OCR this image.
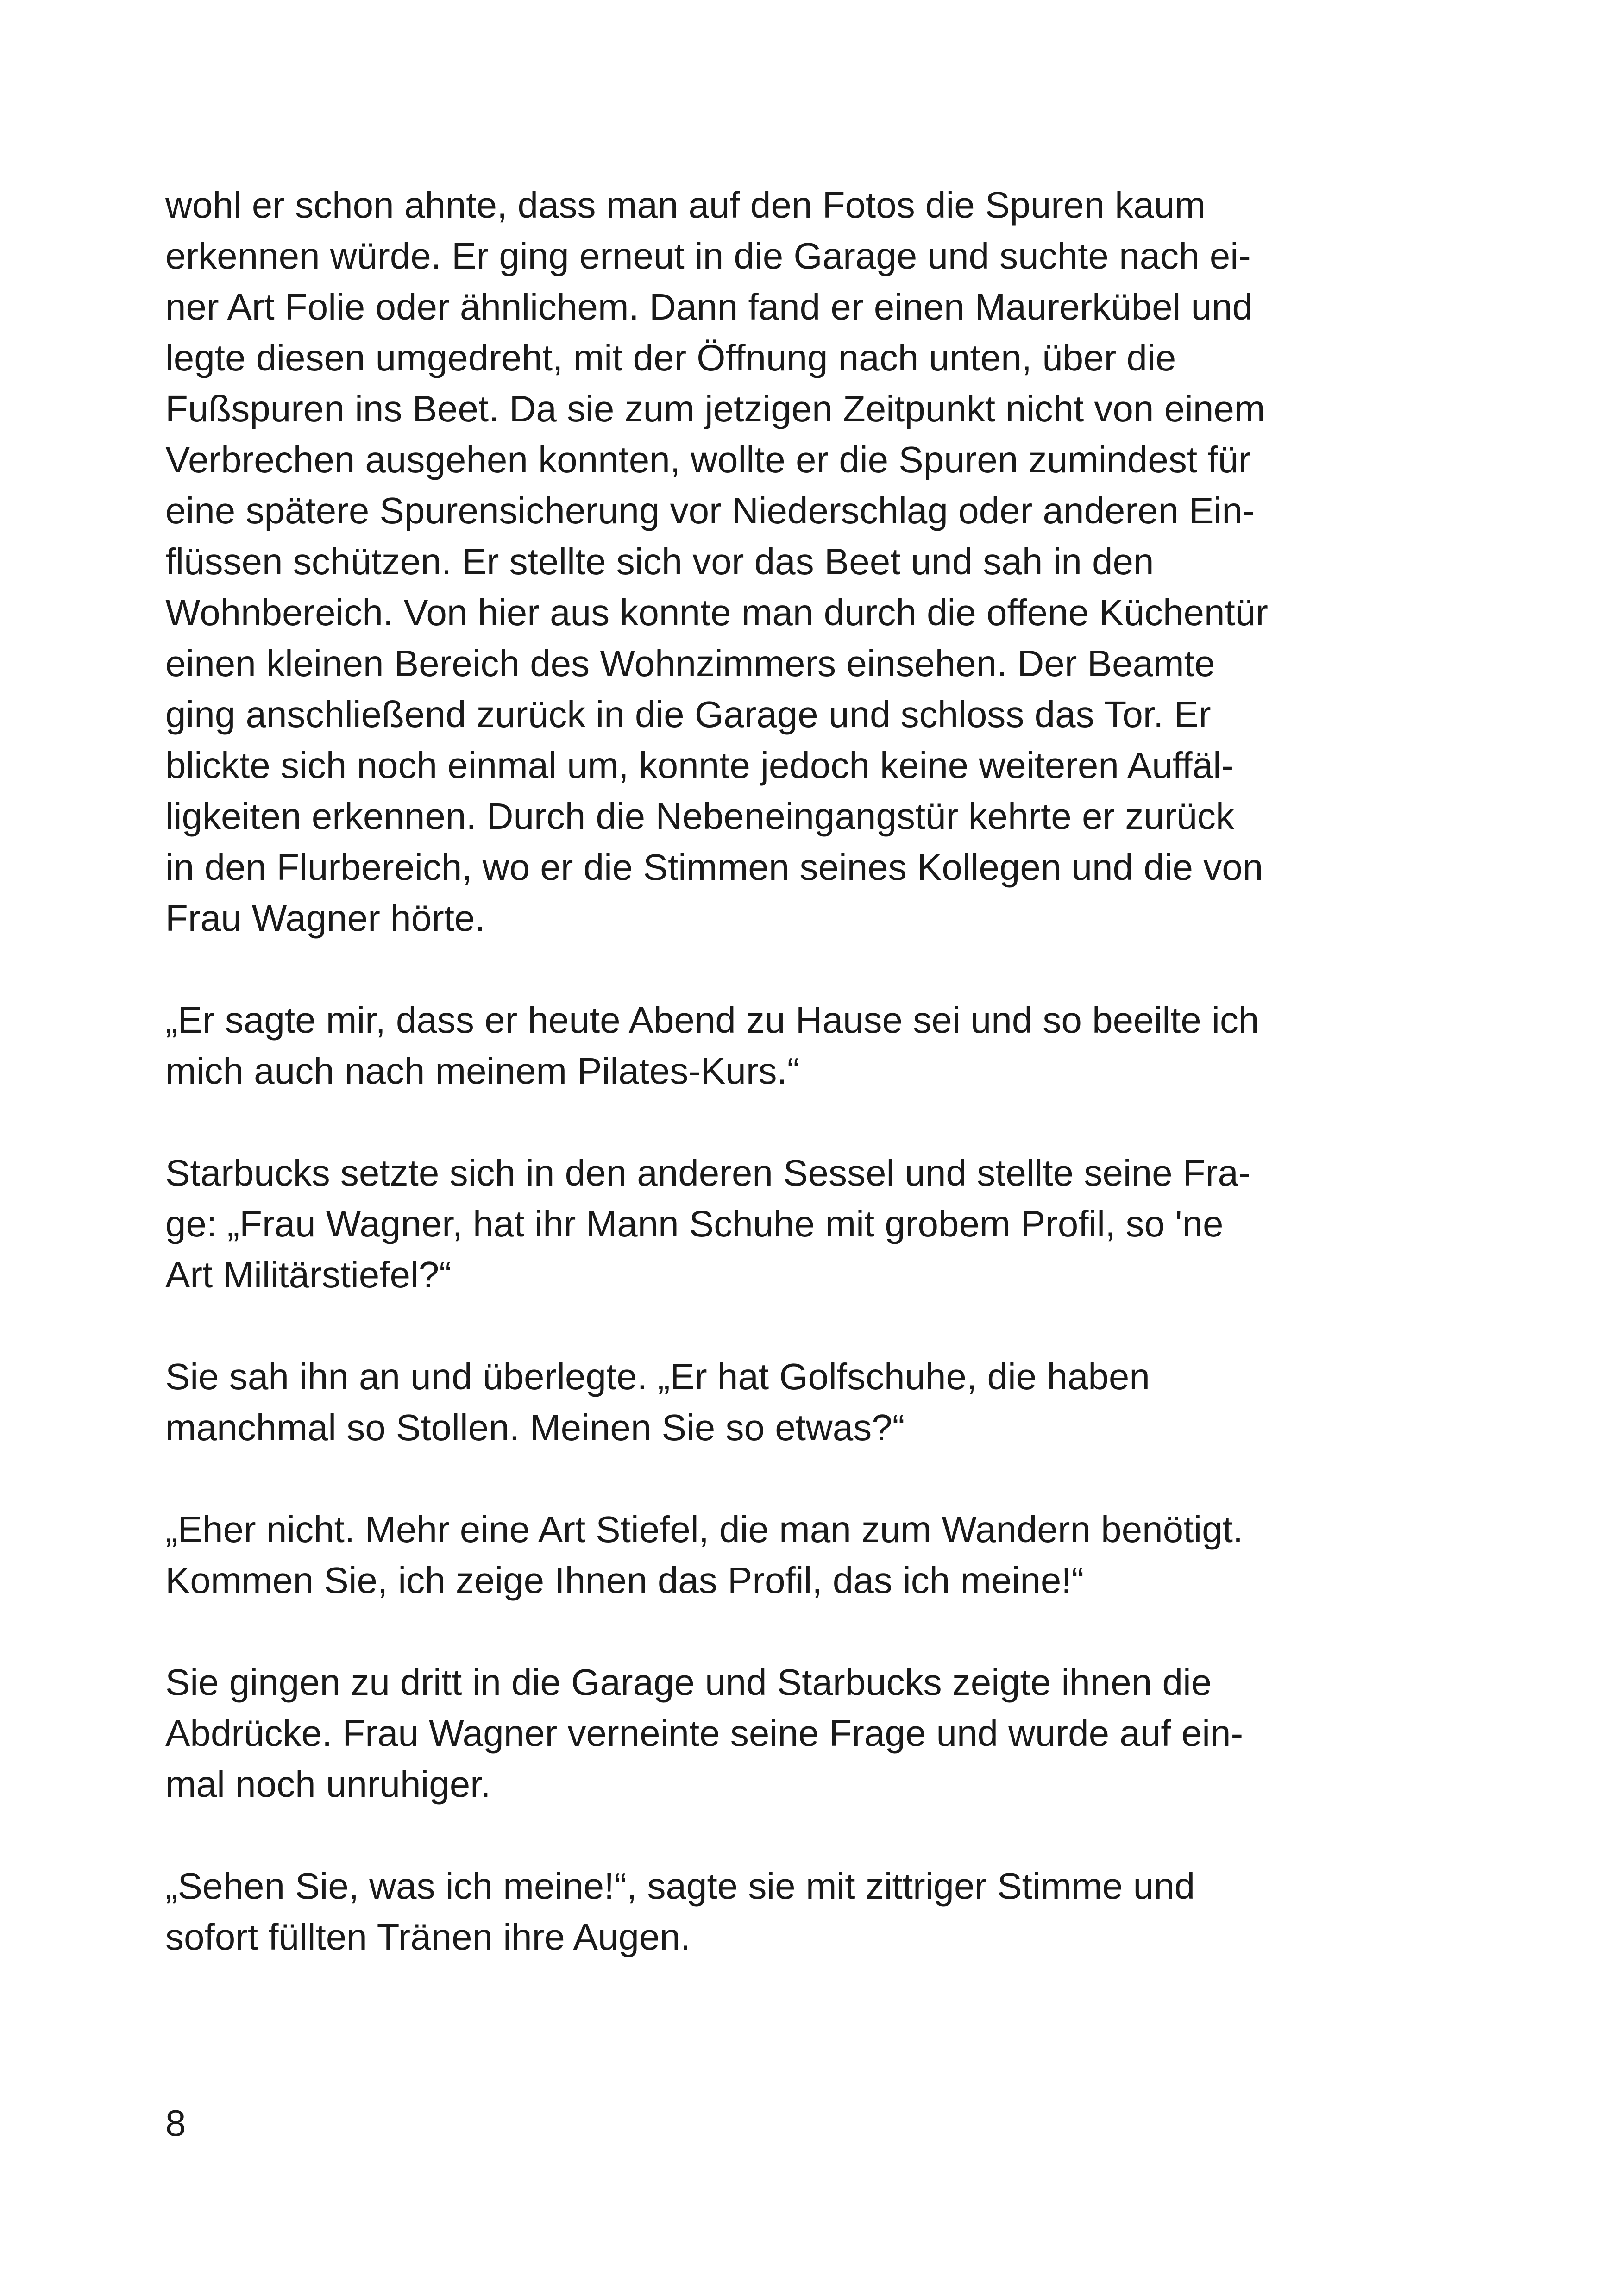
wohl er schon ahnte, dass man auf den Fotos die Spuren kaum
erkennen würde. Er ging erneut in die Garage und suchte nach ei-
ner Art Folie oder ähnlichem. Dann fand er einen Maurerkübel und
legte diesen umgedreht, mit der Öffnung nach unten, über die
Fußspuren ins Beet. Da sie zum jetzigen Zeitpunkt nicht von einem
Verbrechen ausgehen konnten, wollte er die Spuren zumindest für
eine spätere Spurensicherung vor Niederschlag oder anderen Ein-
flüssen schützen. Er stellte sich vor das Beet und sah in den
Wohnbereich. Von hier aus konnte man durch die offene Küchentür
einen kleinen Bereich des Wohnzimmers einsehen. Der Beamte
ging anschließend zurück in die Garage und schloss das Tor. Er
blickte sich noch einmal um, konnte jedoch keine weiteren Auffäl-
ligkeiten erkennen. Durch die Nebeneingangstür kehrte er zurück
in den Flurbereich, wo er die Stimmen seines Kollegen und die von
Frau Wagner hörte.

„Er sagte mir, dass er heute Abend zu Hause sei und so beeilte ich
mich auch nach meinem Pilates-Kurs.“

Starbucks setzte sich in den anderen Sessel und stellte seine Fra-
ge: „Frau Wagner, hat ihr Mann Schuhe mit grobem Profil, so 'ne
Art Militärstiefel?“

Sie sah ihn an und überlegte. „Er hat Golfschuhe, die haben
manchmal so Stollen. Meinen Sie so etwas?“

„Eher nicht. Mehr eine Art Stiefel, die man zum Wandern benötigt.
Kommen Sie, ich zeige Ihnen das Profil, das ich meine!“

Sie gingen zu dritt in die Garage und Starbucks zeigte ihnen die
Abdrücke. Frau Wagner verneinte seine Frage und wurde auf ein-
mal noch unruhiger.

„Sehen Sie, was ich meine!“, sagte sie mit zittriger Stimme und
sofort füllten Tränen ihre Augen.

8
